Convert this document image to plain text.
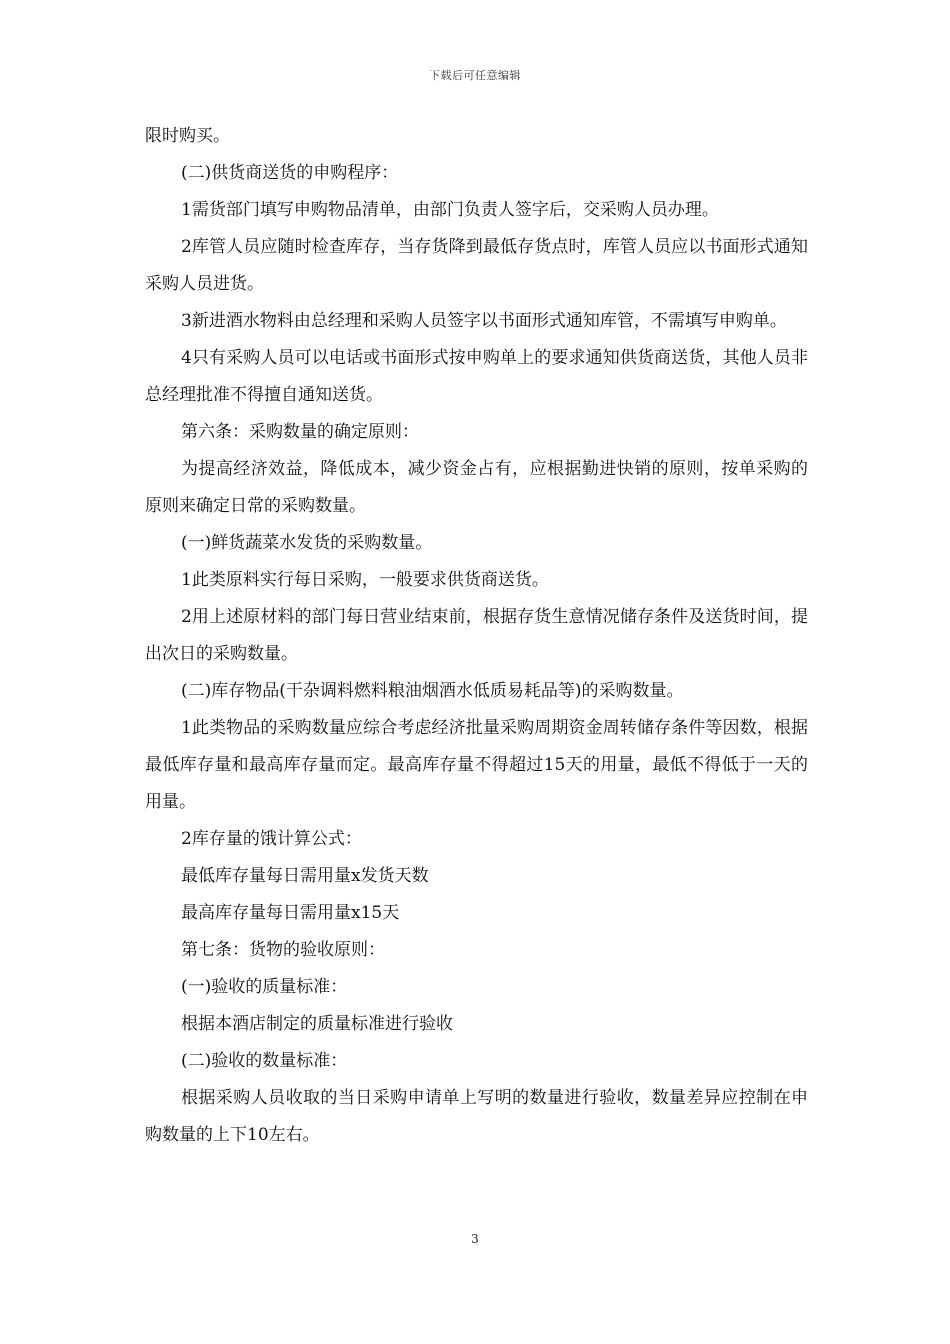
下载后可任意编辑

限时购买。

(二)供货商送货的申购程序：

1需货部门填写申购物品清单，由部门负责人签字后，交采购人员办理。

2库管人员应随时检查库存，当存货降到最低存货点时，库管人员应以书面形式通知采购人员进货。

3新进酒水物料由总经理和采购人员签字以书面形式通知库管，不需填写申购单。

4只有采购人员可以电话或书面形式按申购单上的要求通知供货商送货，其他人员非总经理批准不得擅自通知送货。

第六条：采购数量的确定原则：

为提高经济效益，降低成本，减少资金占有，应根据勤进快销的原则，按单采购的原则来确定日常的采购数量。

(一)鲜货蔬菜水发货的采购数量。

1此类原料实行每日采购，一般要求供货商送货。

2用上述原材料的部门每日营业结束前，根据存货生意情况储存条件及送货时间，提出次日的采购数量。

(二)库存物品(干杂调料燃料粮油烟酒水低质易耗品等)的采购数量。

1此类物品的采购数量应综合考虑经济批量采购周期资金周转储存条件等因数，根据最低库存量和最高库存量而定。最高库存量不得超过15天的用量，最低不得低于一天的用量。

2库存量的饿计算公式：

最低库存量每日需用量x发货天数

最高库存量每日需用量x15天

第七条：货物的验收原则：

(一)验收的质量标准：

根据本酒店制定的质量标准进行验收

(二)验收的数量标准：

根据采购人员收取的当日采购申请单上写明的数量进行验收，数量差异应控制在申购数量的上下10左右。

3
